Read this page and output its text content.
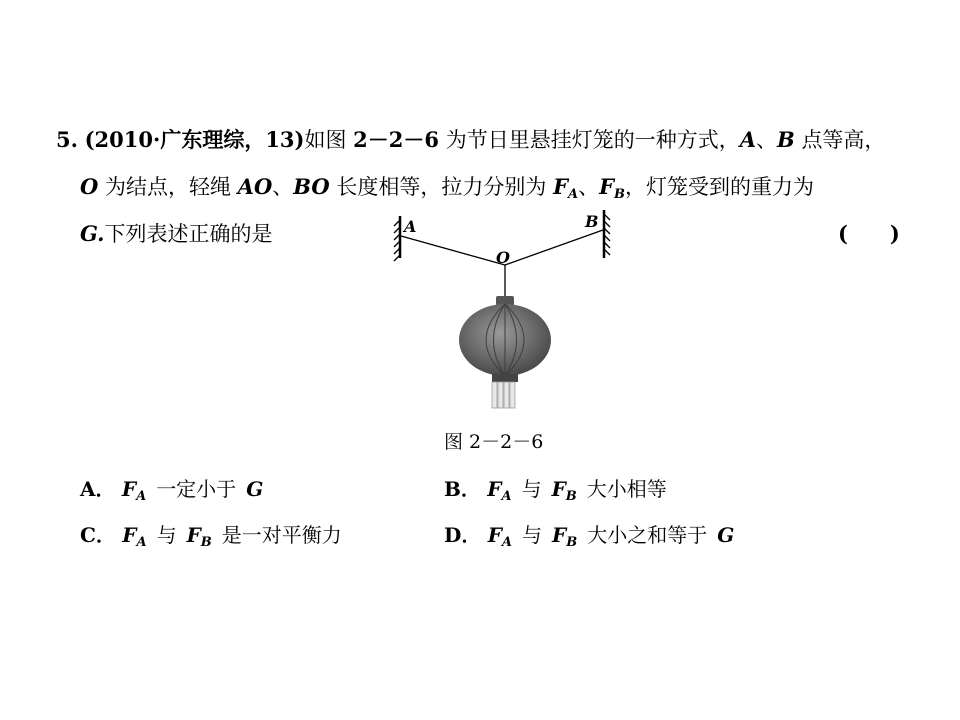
5. (2010·广东理综，13)如图 2－2－6 为节日里悬挂灯笼的一种方式，A、B 点等高，
O 为结点，轻绳 AO、BO 长度相等，拉力分别为 $F_A$、$F_B$，灯笼受到的重力为
G.下列表述正确的是	(　　)
A	B
O
图 2－2－6
A． $F_A$ 一定小于 G	B． $F_A$ 与 $F_B$ 大小相等
C． $F_A$ 与 $F_B$ 是一对平衡力	D． $F_A$ 与 $F_B$ 大小之和等于 G
